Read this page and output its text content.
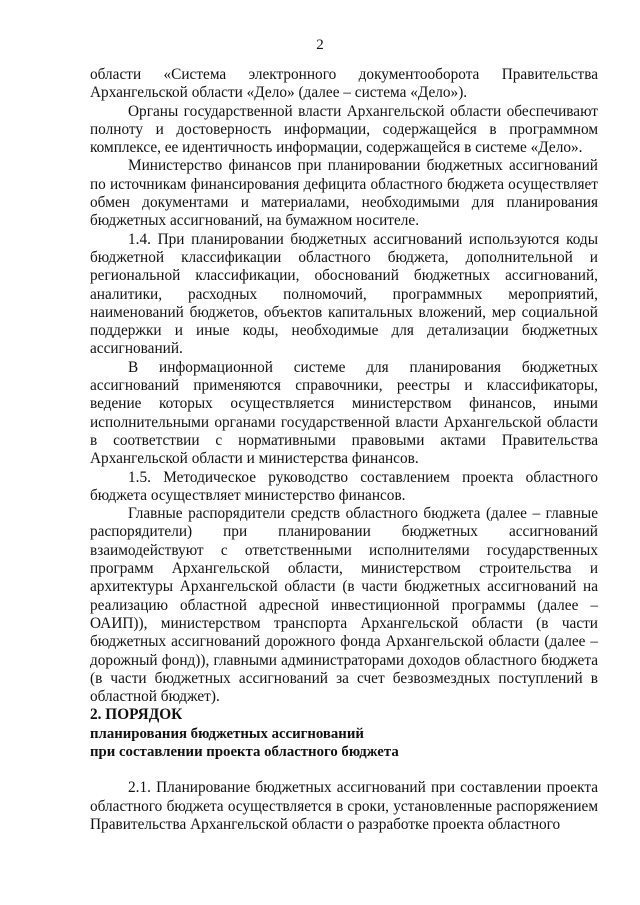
2

области «Система электронного документооборота Правительства Архангельской области «Дело» (далее – система «Дело»).

Органы государственной власти Архангельской области обеспечивают полноту и достоверность информации, содержащейся в программном комплексе, ее идентичность информации, содержащейся в системе «Дело».

Министерство финансов при планировании бюджетных ассигнований по источникам финансирования дефицита областного бюджета осуществляет обмен документами и материалами, необходимыми для планирования бюджетных ассигнований, на бумажном носителе.

1.4. При планировании бюджетных ассигнований используются коды бюджетной классификации областного бюджета, дополнительной и региональной классификации, обоснований бюджетных ассигнований, аналитики, расходных полномочий, программных мероприятий, наименований бюджетов, объектов капитальных вложений, мер социальной поддержки и иные коды, необходимые для детализации бюджетных ассигнований.

В информационной системе для планирования бюджетных ассигнований применяются справочники, реестры и классификаторы, ведение которых осуществляется министерством финансов, иными исполнительными органами государственной власти Архангельской области в соответствии с нормативными правовыми актами Правительства Архангельской области и министерства финансов.

1.5. Методическое руководство составлением проекта областного бюджета осуществляет министерство финансов.

Главные распорядители средств областного бюджета (далее – главные распорядители) при планировании бюджетных ассигнований взаимодействуют с ответственными исполнителями государственных программ Архангельской области, министерством строительства и архитектуры Архангельской области (в части бюджетных ассигнований на реализацию областной адресной инвестиционной программы (далее – ОАИП)), министерством транспорта Архангельской области (в части бюджетных ассигнований дорожного фонда Архангельской области (далее – дорожный фонд)), главными администраторами доходов областного бюджета (в части бюджетных ассигнований за счет безвозмездных поступлений в областной бюджет).

2. ПОРЯДОК

планирования бюджетных ассигнований

при составлении проекта областного бюджета

2.1. Планирование бюджетных ассигнований при составлении проекта областного бюджета осуществляется в сроки, установленные распоряжением Правительства Архангельской области о разработке проекта областного
